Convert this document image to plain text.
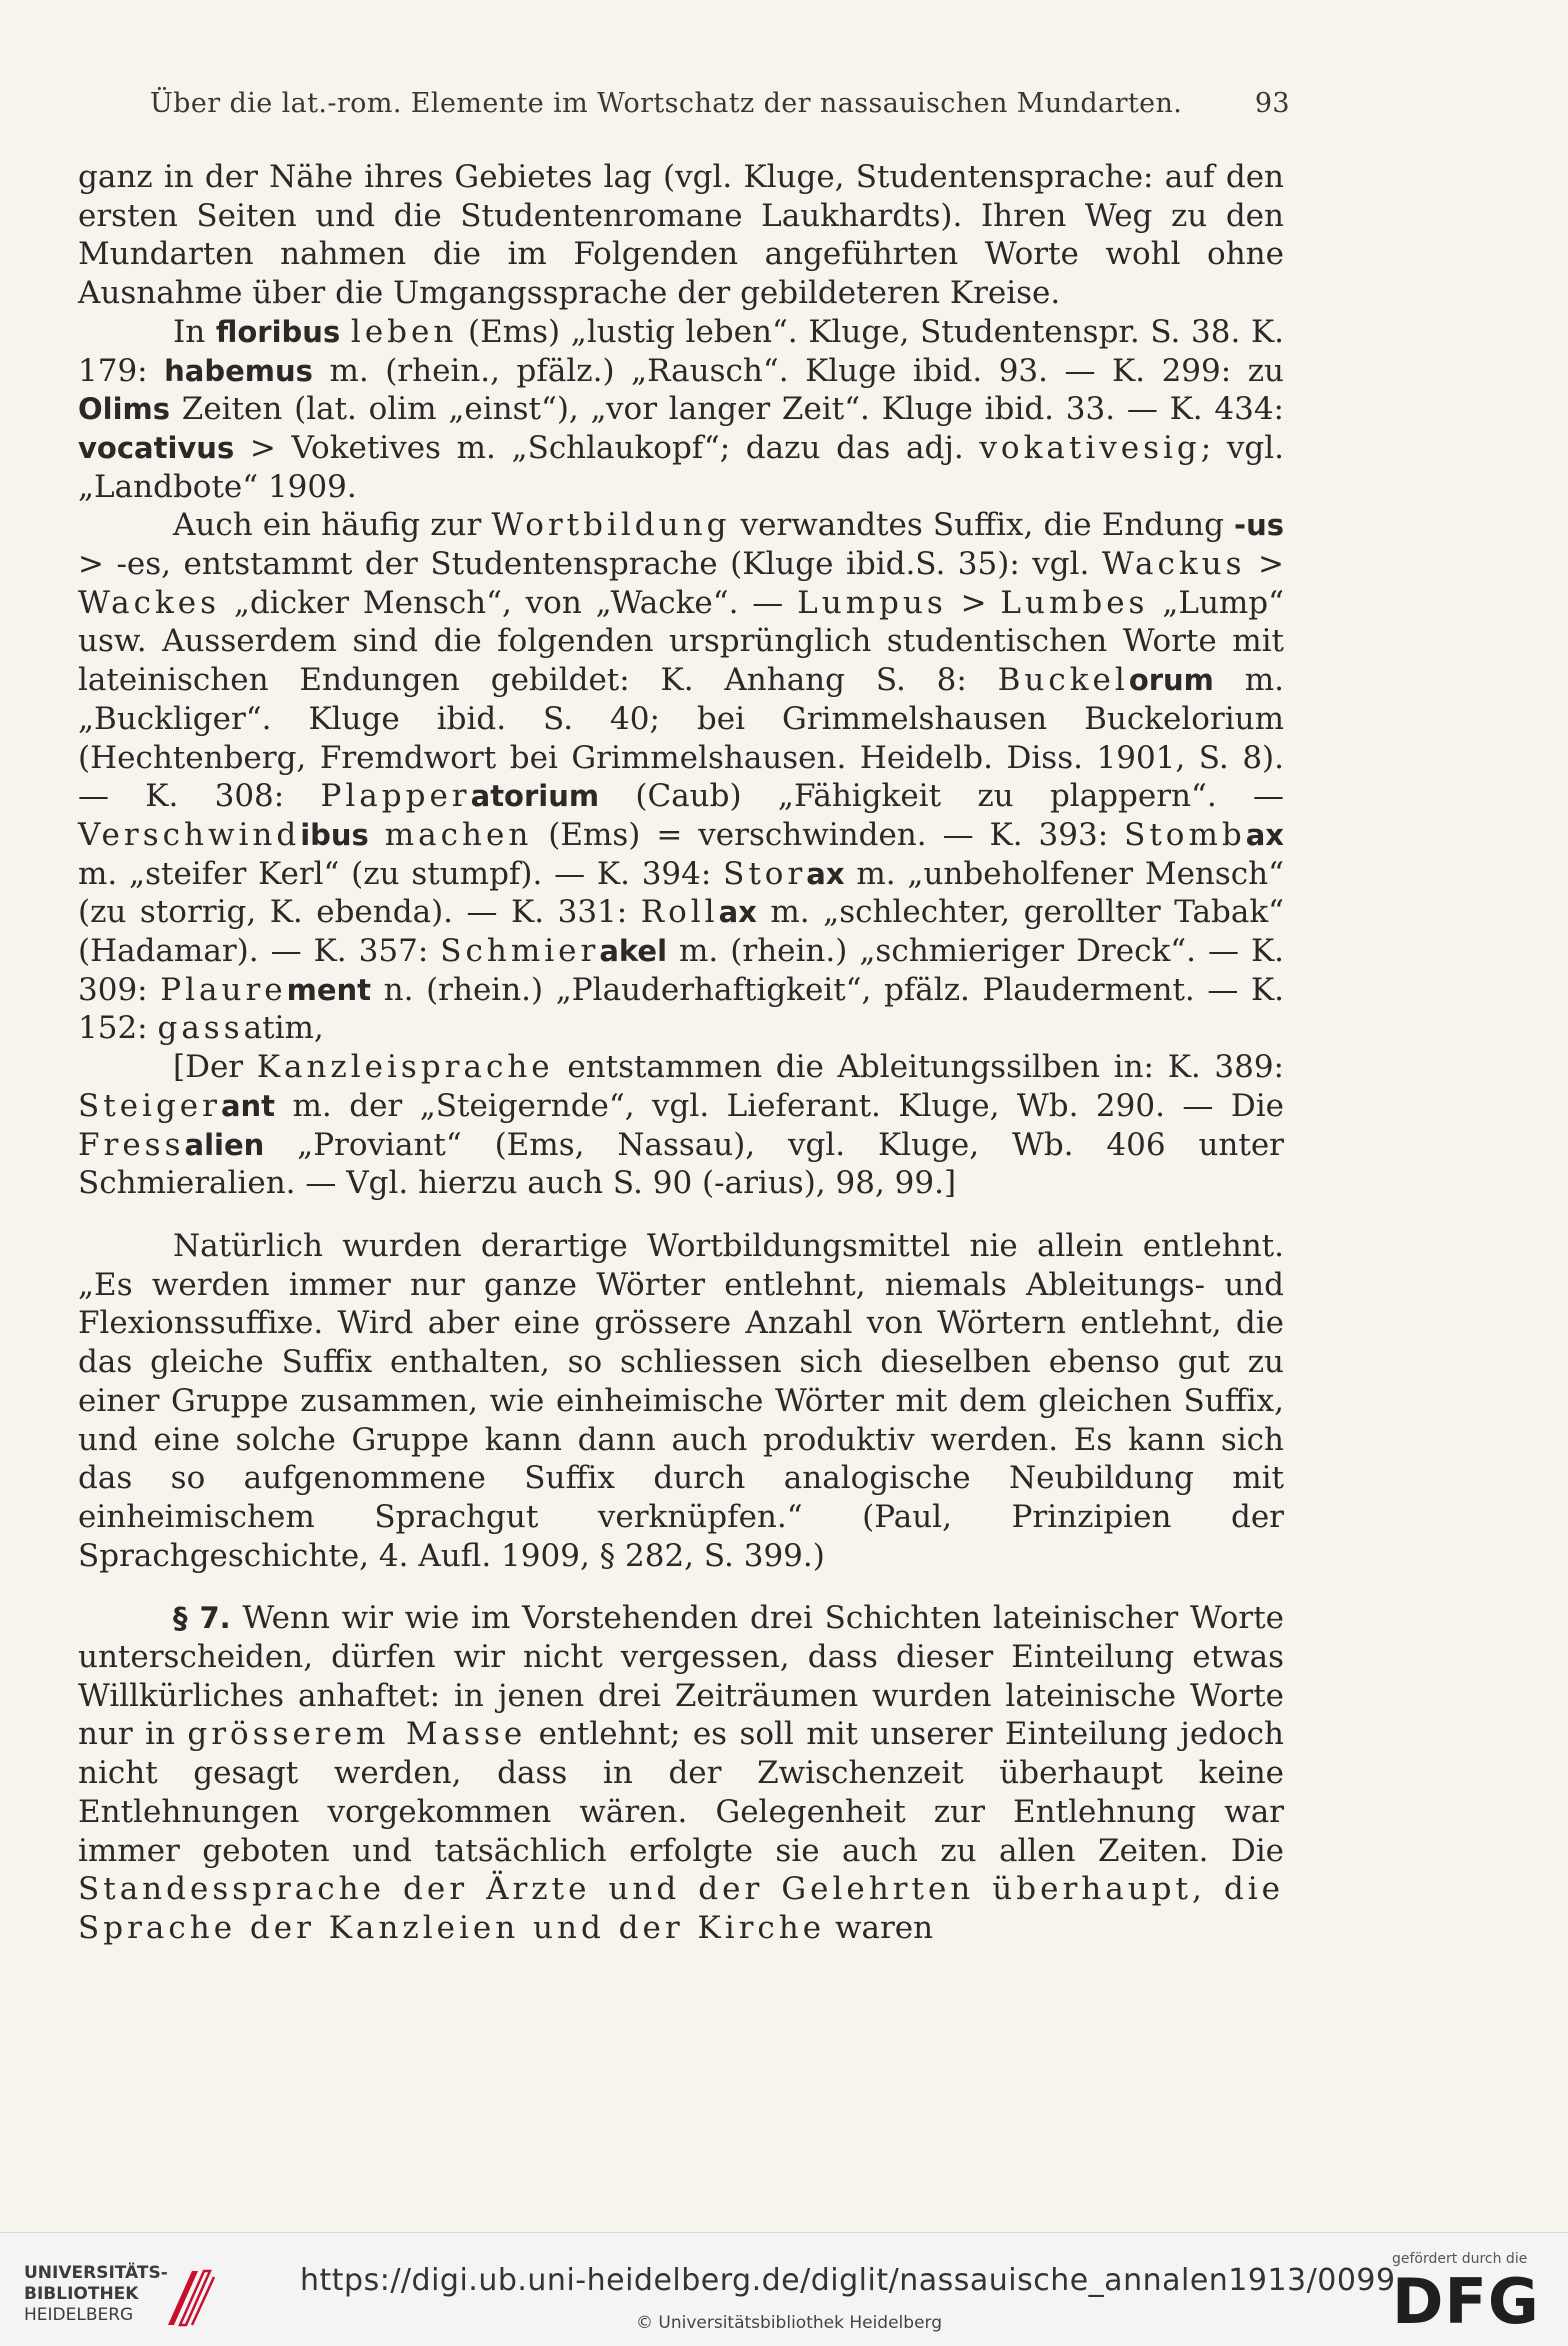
Über die lat.-rom. Elemente im Wortschatz der nassauischen Mundarten.	93

ganz in der Nähe ihres Gebietes lag (vgl. Kluge, Studentensprache: auf den ersten Seiten und die Studentenromane Laukhardts). Ihren Weg zu den Mundarten nahmen die im Folgenden angeführten Worte wohl ohne Ausnahme über die Umgangssprache der gebildeteren Kreise.

In floribus leben (Ems) „lustig leben“. Kluge, Studentenspr. S. 38. K. 179: habemus m. (rhein., pfälz.) „Rausch“. Kluge ibid. 93. — K. 299: zu Olims Zeiten (lat. olim „einst“), „vor langer Zeit“. Kluge ibid. 33. — K. 434: vocativus > Voketives m. „Schlaukopf“; dazu das adj. vokativesig; vgl. „Landbote“ 1909.

Auch ein häufig zur Wortbildung verwandtes Suffix, die Endung -us > -es, entstammt der Studentensprache (Kluge ibid.S. 35): vgl. Wackus > Wackes „dicker Mensch“, von „Wacke“. — Lumpus > Lumbes „Lump“ usw. Ausserdem sind die folgenden ursprünglich studentischen Worte mit lateinischen Endungen gebildet: K. Anhang S. 8: Buckelorum m. „Buckliger“. Kluge ibid. S. 40; bei Grimmelshausen Buckelorium (Hechtenberg, Fremdwort bei Grimmelshausen. Heidelb. Diss. 1901, S. 8). — K. 308: Plapperatorium (Caub) „Fähigkeit zu plappern“. — Verschwindibus machen (Ems) = verschwinden. — K. 393: Stombax m. „steifer Kerl“ (zu stumpf). — K. 394: Storax m. „unbeholfener Mensch“ (zu storrig, K. ebenda). — K. 331: Rollax m. „schlechter, gerollter Tabak“ (Hadamar). — K. 357: Schmierakel m. (rhein.) „schmieriger Dreck“. — K. 309: Plaurement n. (rhein.) „Plauderhaftigkeit“, pfälz. Plauderment. — K. 152: gassatim,

[Der Kanzleisprache entstammen die Ableitungssilben in: K. 389: Steigerant m. der „Steigernde“, vgl. Lieferant. Kluge, Wb. 290. — Die Fressalien „Proviant“ (Ems, Nassau), vgl. Kluge, Wb. 406 unter Schmieralien. — Vgl. hierzu auch S. 90 (-arius), 98, 99.]

Natürlich wurden derartige Wortbildungsmittel nie allein entlehnt. „Es werden immer nur ganze Wörter entlehnt, niemals Ableitungs- und Flexionssuffixe. Wird aber eine grössere Anzahl von Wörtern entlehnt, die das gleiche Suffix enthalten, so schliessen sich dieselben ebenso gut zu einer Gruppe zusammen, wie einheimische Wörter mit dem gleichen Suffix, und eine solche Gruppe kann dann auch produktiv werden. Es kann sich das so aufgenommene Suffix durch analogische Neubildung mit einheimischem Sprachgut verknüpfen.“ (Paul, Prinzipien der Sprachgeschichte, 4. Aufl. 1909, § 282, S. 399.)

§ 7. Wenn wir wie im Vorstehenden drei Schichten lateinischer Worte unterscheiden, dürfen wir nicht vergessen, dass dieser Einteilung etwas Willkürliches anhaftet: in jenen drei Zeiträumen wurden lateinische Worte nur in grösserem Masse entlehnt; es soll mit unserer Einteilung jedoch nicht gesagt werden, dass in der Zwischenzeit überhaupt keine Entlehnungen vorgekommen wären. Gelegenheit zur Entlehnung war immer geboten und tatsächlich erfolgte sie auch zu allen Zeiten. Die Standessprache der Ärzte und der Gelehrten überhaupt, die Sprache der Kanzleien und der Kirche waren

UNIVERSITÄTS-
BIBLIOTHEK
HEIDELBERG
https://digi.ub.uni-heidelberg.de/diglit/nassauische_annalen1913/0099
© Universitätsbibliothek Heidelberg
gefördert durch die
DFG
